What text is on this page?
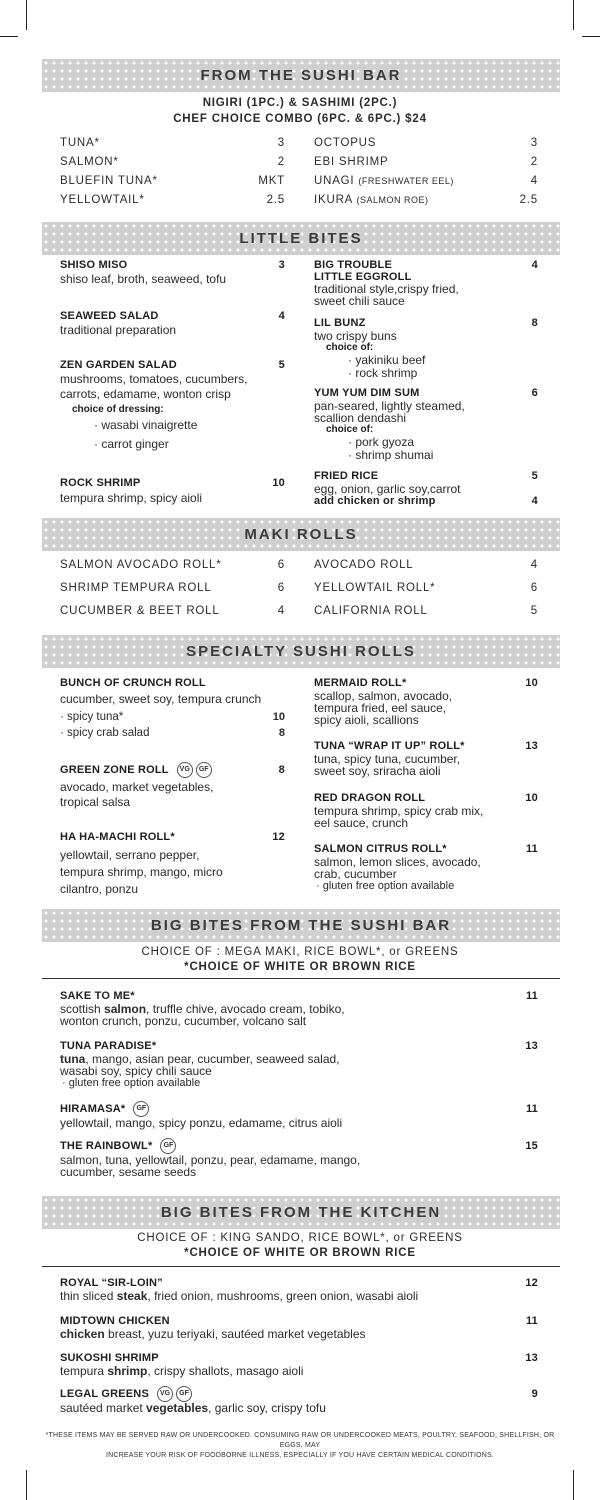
FROM THE SUSHI BAR
NIGIRI (1PC.) & SASHIMI (2PC.)
CHEF CHOICE COMBO (6PC. & 6PC.) $24
TUNA*	3
SALMON*	2
BLUEFIN TUNA*	MKT
YELLOWTAIL*	2.5
OCTOPUS	3
EBI SHRIMP	2
UNAGI (FRESHWATER EEL)	4
IKURA (SALMON ROE)	2.5
LITTLE BITES
SHISO MISO	3
shiso leaf, broth, seaweed, tofu
SEAWEED SALAD	4
traditional preparation
ZEN GARDEN SALAD	5
mushrooms, tomatoes, cucumbers,
carrots, edamame, wonton crisp
choice of dressing:
· wasabi vinaigrette
· carrot ginger
ROCK SHRIMP	10
tempura shrimp, spicy aioli
BIG TROUBLE	4
LITTLE EGGROLL
traditional style,crispy fried,
sweet chili sauce
LIL BUNZ	8
two crispy buns
choice of:
· yakiniku beef
· rock shrimp
YUM YUM DIM SUM	6
pan-seared, lightly steamed,
scallion dendashi
choice of:
· pork gyoza
· shrimp shumai
FRIED RICE	5
egg, onion, garlic soy,carrot
add chicken or shrimp	4
MAKI ROLLS
SALMON AVOCADO ROLL*	6
SHRIMP TEMPURA ROLL	6
CUCUMBER & BEET ROLL	4
AVOCADO ROLL	4
YELLOWTAIL ROLL*	6
CALIFORNIA ROLL	5
SPECIALTY SUSHI ROLLS
BUNCH OF CRUNCH ROLL
cucumber, sweet soy, tempura crunch
· spicy tuna*	10
· spicy crab salad	8
GREEN ZONE ROLL	VG	GF	8
avocado, market vegetables,
tropical salsa
HA HA-MACHI ROLL*	12
yellowtail, serrano pepper,
tempura shrimp, mango, micro
cilantro, ponzu
MERMAID ROLL*	10
scallop, salmon, avocado,
tempura fried, eel sauce,
spicy aioli, scallions
TUNA “WRAP IT UP” ROLL*	13
tuna, spicy tuna, cucumber,
sweet soy, sriracha aioli
RED DRAGON ROLL	10
tempura shrimp, spicy crab mix,
eel sauce, crunch
SALMON CITRUS ROLL*	11
salmon, lemon slices, avocado,
crab, cucumber
· gluten free option available
BIG BITES FROM THE SUSHI BAR
CHOICE OF : MEGA MAKI, RICE BOWL*, or GREENS
*CHOICE OF WHITE OR BROWN RICE
SAKE TO ME*	11
scottish salmon, truffle chive, avocado cream, tobiko,
wonton crunch, ponzu, cucumber, volcano salt
TUNA PARADISE*	13
tuna, mango, asian pear, cucumber, seaweed salad,
wasabi soy, spicy chili sauce
· gluten free option available
HIRAMASA*	GF	11
yellowtail, mango, spicy ponzu, edamame, citrus aioli
THE RAINBOWL*	GF	15
salmon, tuna, yellowtail, ponzu, pear, edamame, mango,
cucumber, sesame seeds
BIG BITES FROM THE KITCHEN
CHOICE OF : KING SANDO, RICE BOWL*, or GREENS
*CHOICE OF WHITE OR BROWN RICE
ROYAL “SIR-LOIN”	12
thin sliced steak, fried onion, mushrooms, green onion, wasabi aioli
MIDTOWN CHICKEN	11
chicken breast, yuzu teriyaki, sautéed market vegetables
SUKOSHI SHRIMP	13
tempura shrimp, crispy shallots, masago aioli
LEGAL GREENS	VG	GF	9
sautéed market vegetables, garlic soy, crispy tofu
*THESE ITEMS MAY BE SERVED RAW OR UNDERCOOKED. CONSUMING RAW OR UNDERCOOKED MEATS, POULTRY, SEAFOOD, SHELLFISH, OR EGGS, MAY
INCREASE YOUR RISK OF FOODBORNE ILLNESS, ESPECIALLY IF YOU HAVE CERTAIN MEDICAL CONDITIONS.
